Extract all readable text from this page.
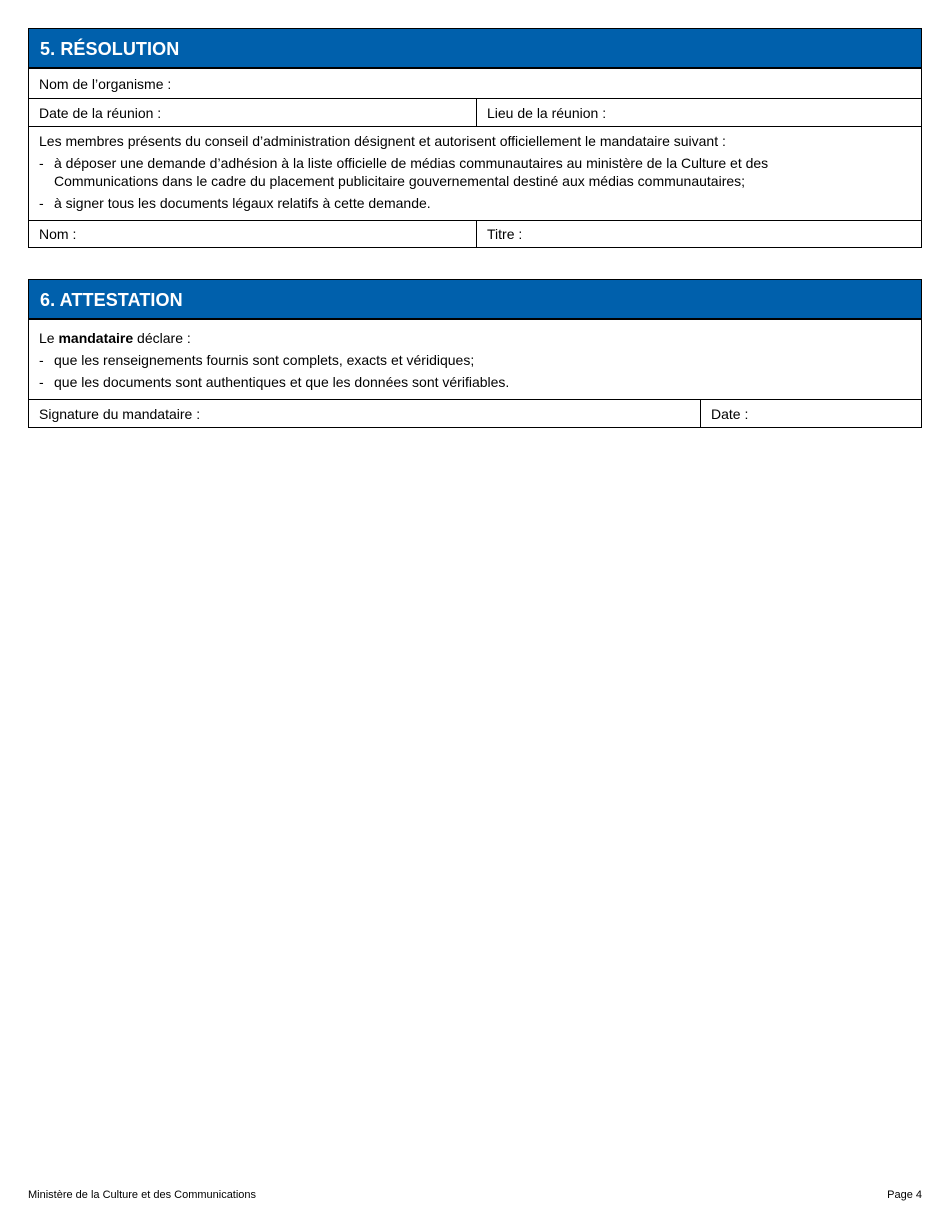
5. RÉSOLUTION
Nom de l’organisme :
Date de la réunion :	Lieu de la réunion :

Les membres présents du conseil d’administration désignent et autorisent officiellement le mandataire suivant :

- à déposer une demande d’adhésion à la liste officielle de médias communautaires au ministère de la Culture et des Communications dans le cadre du placement publicitaire gouvernemental destiné aux médias communautaires;
- à signer tous les documents légaux relatifs à cette demande.
Nom :	Titre :
6. ATTESTATION

Le mandataire déclare :

- que les renseignements fournis sont complets, exacts et véridiques;
- que les documents sont authentiques et que les données sont vérifiables.
Signature du mandataire :	Date :
Ministère de la Culture et des Communications	Page 4
